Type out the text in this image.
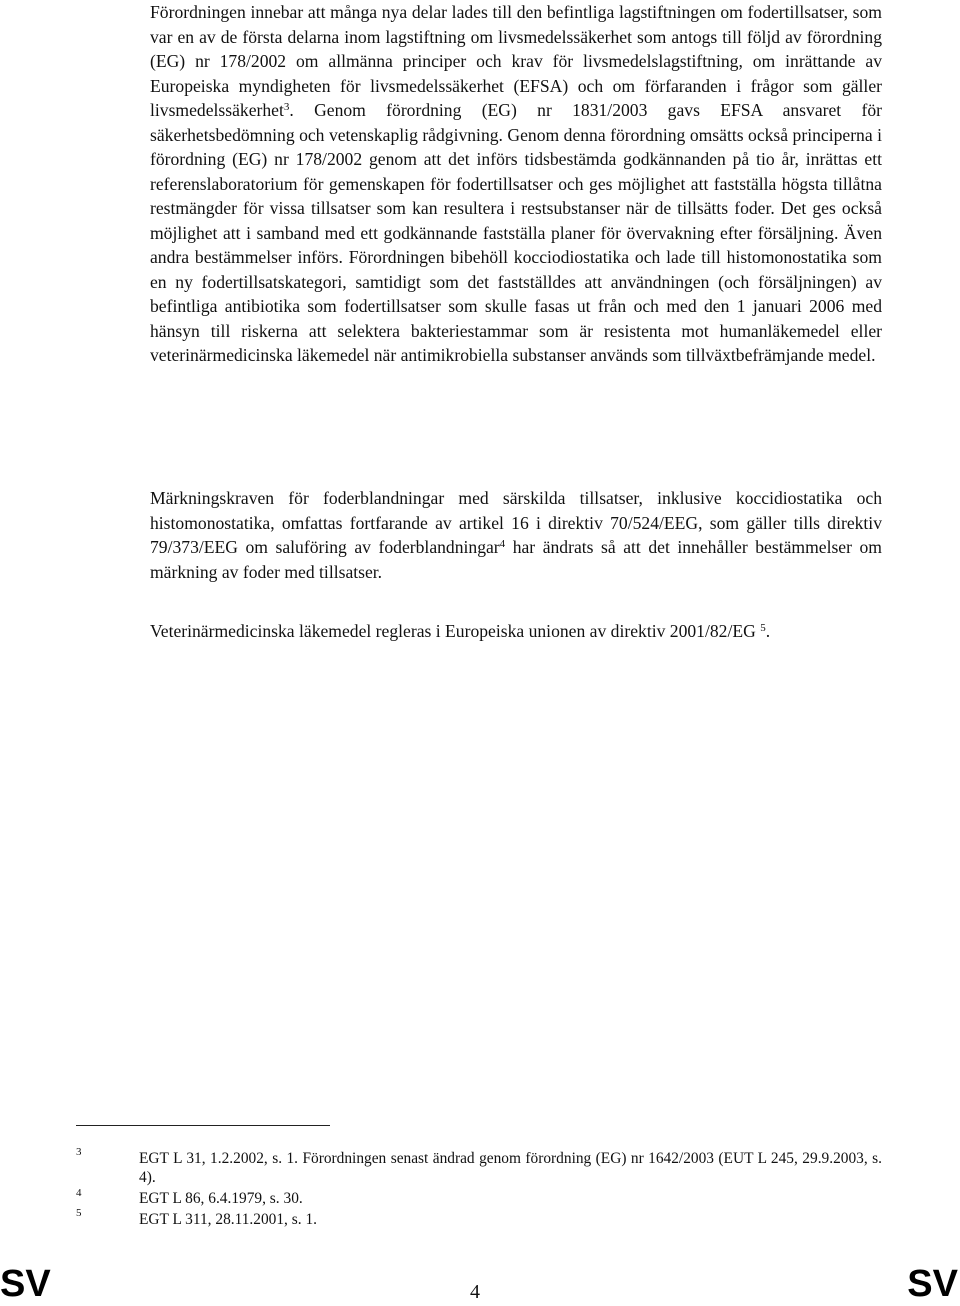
Förordningen innebar att många nya delar lades till den befintliga lagstiftningen om fodertillsatser, som var en av de första delarna inom lagstiftning om livsmedelssäkerhet som antogs till följd av förordning (EG) nr 178/2002 om allmänna principer och krav för livsmedelslagstiftning, om inrättande av Europeiska myndigheten för livsmedelssäkerhet (EFSA) och om förfaranden i frågor som gäller livsmedelssäkerhet$^3$. Genom förordning (EG) nr 1831/2003 gavs EFSA ansvaret för säkerhetsbedömning och vetenskaplig rådgivning. Genom denna förordning omsätts också principerna i förordning (EG) nr 178/2002 genom att det införs tidsbestämda godkännanden på tio år, inrättas ett referenslaboratorium för gemenskapen för fodertillsatser och ges möjlighet att fastställa högsta tillåtna restmängder för vissa tillsatser som kan resultera i restsubstanser när de tillsätts foder. Det ges också möjlighet att i samband med ett godkännande fastställa planer för övervakning efter försäljning. Även andra bestämmelser införs. Förordningen bibehöll kocciodiostatika och lade till histomonostatika som en ny fodertillsatskategori, samtidigt som det fastställdes att användningen (och försäljningen) av befintliga antibiotika som fodertillsatser som skulle fasas ut från och med den 1 januari 2006 med hänsyn till riskerna att selektera bakteriestammar som är resistenta mot humanläkemedel eller veterinärmedicinska läkemedel när antimikrobiella substanser används som tillväxtbefrämjande medel.

Märkningskraven för foderblandningar med särskilda tillsatser, inklusive koccidiostatika och histomonostatika, omfattas fortfarande av artikel 16 i direktiv 70/524/EEG, som gäller tills direktiv 79/373/EEG om saluföring av foderblandningar$^4$ har ändrats så att det innehåller bestämmelser om märkning av foder med tillsatser.

Veterinärmedicinska läkemedel regleras i Europeiska unionen av direktiv 2001/82/EG $^5$.

3	EGT L 31, 1.2.2002, s. 1. Förordningen senast ändrad genom förordning (EG) nr 1642/2003 (EUT L 245, 29.9.2003, s. 4).

4	EGT L 86, 6.4.1979, s. 30.

5	EGT L 311, 28.11.2001, s. 1.

SV	4	SV
